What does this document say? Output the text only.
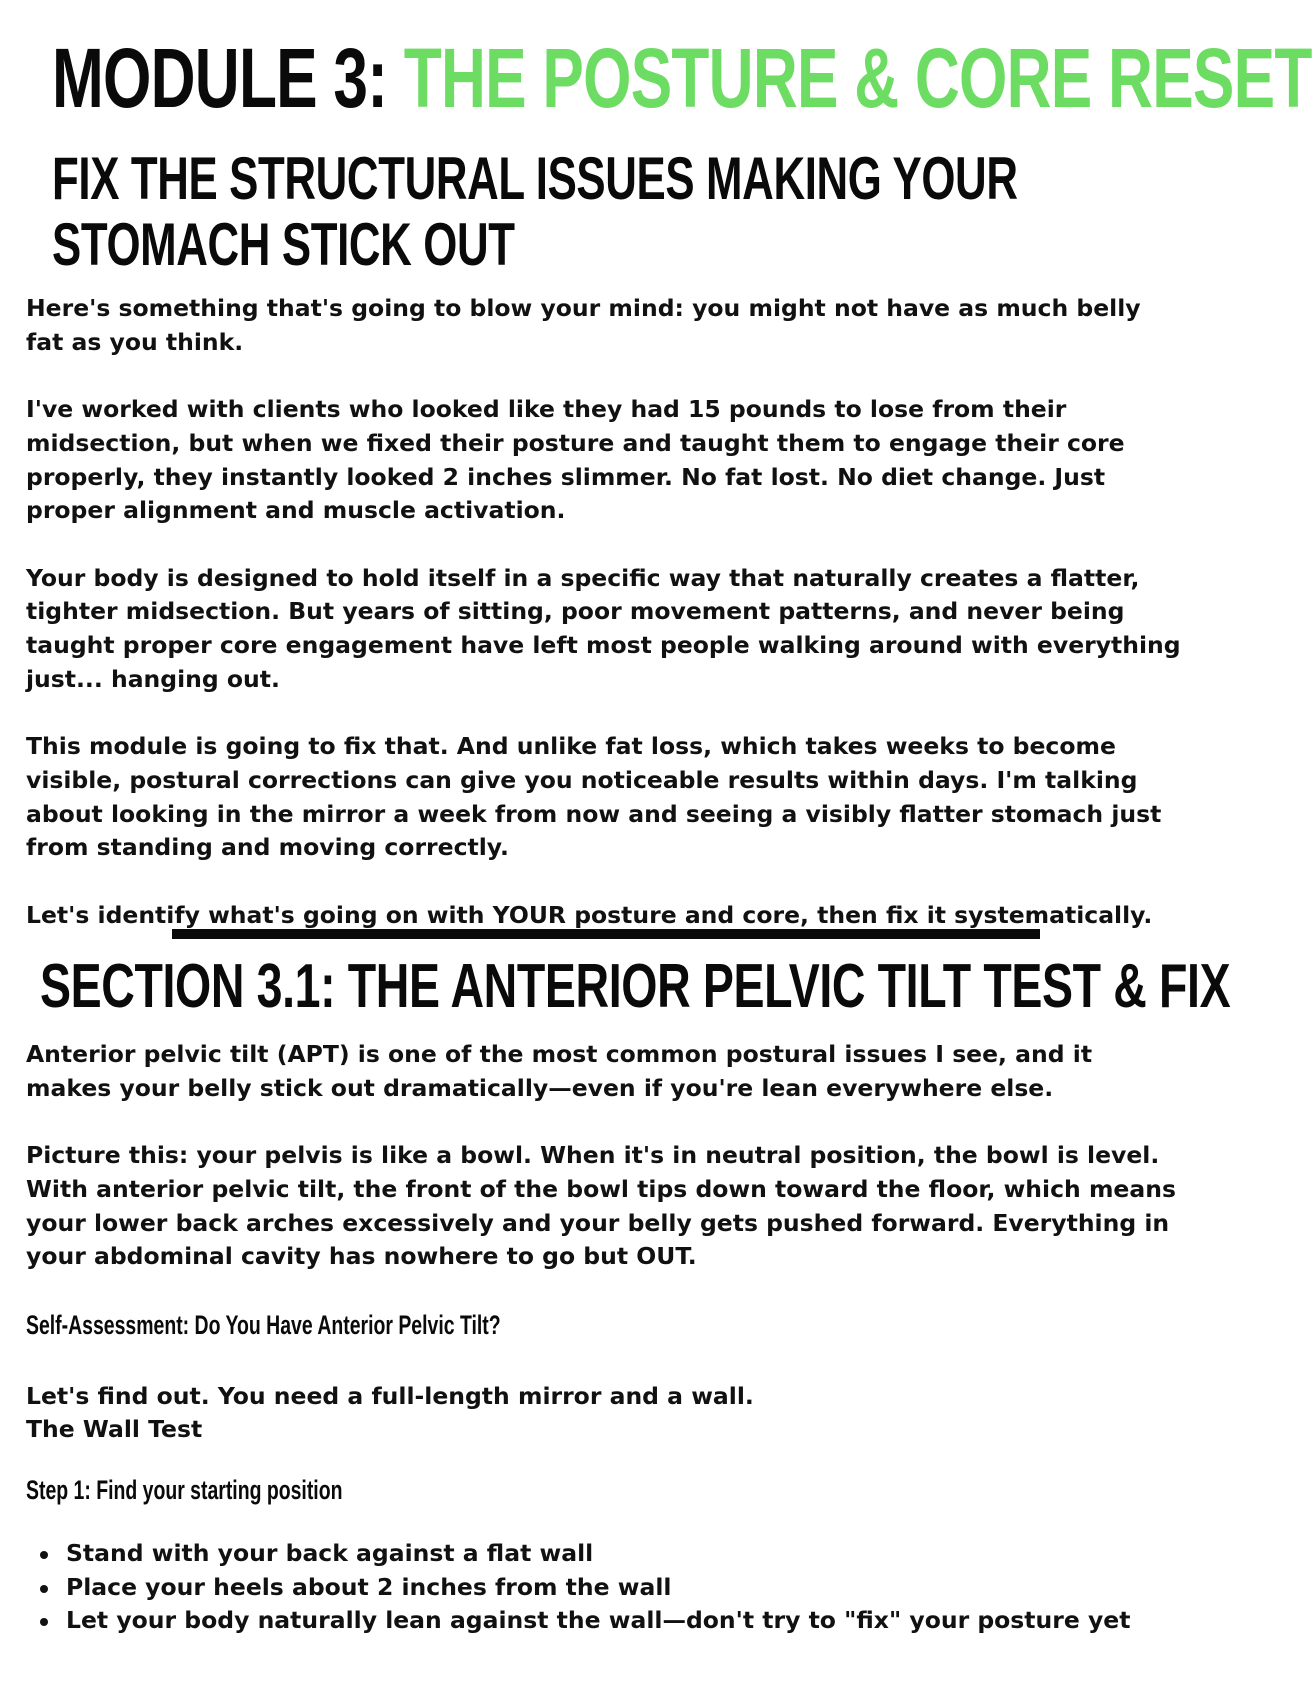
MODULE 3: THE POSTURE & CORE RESET
FIX THE STRUCTURAL ISSUES MAKING YOUR STOMACH STICK OUT

Here's something that's going to blow your mind: you might not have as much belly fat as you think.

I've worked with clients who looked like they had 15 pounds to lose from their midsection, but when we fixed their posture and taught them to engage their core properly, they instantly looked 2 inches slimmer. No fat lost. No diet change. Just proper alignment and muscle activation.

Your body is designed to hold itself in a specific way that naturally creates a flatter, tighter midsection. But years of sitting, poor movement patterns, and never being taught proper core engagement have left most people walking around with everything just... hanging out.

This module is going to fix that. And unlike fat loss, which takes weeks to become visible, postural corrections can give you noticeable results within days. I'm talking about looking in the mirror a week from now and seeing a visibly flatter stomach just from standing and moving correctly.

Let's identify what's going on with YOUR posture and core, then fix it systematically.

SECTION 3.1: THE ANTERIOR PELVIC TILT TEST & FIX

Anterior pelvic tilt (APT) is one of the most common postural issues I see, and it makes your belly stick out dramatically—even if you're lean everywhere else.

Picture this: your pelvis is like a bowl. When it's in neutral position, the bowl is level. With anterior pelvic tilt, the front of the bowl tips down toward the floor, which means your lower back arches excessively and your belly gets pushed forward. Everything in your abdominal cavity has nowhere to go but OUT.

Self-Assessment: Do You Have Anterior Pelvic Tilt?
Let's find out. You need a full-length mirror and a wall.
The Wall Test
Step 1: Find your starting position
Stand with your back against a flat wall
Place your heels about 2 inches from the wall
Let your body naturally lean against the wall—don't try to "fix" your posture yet
